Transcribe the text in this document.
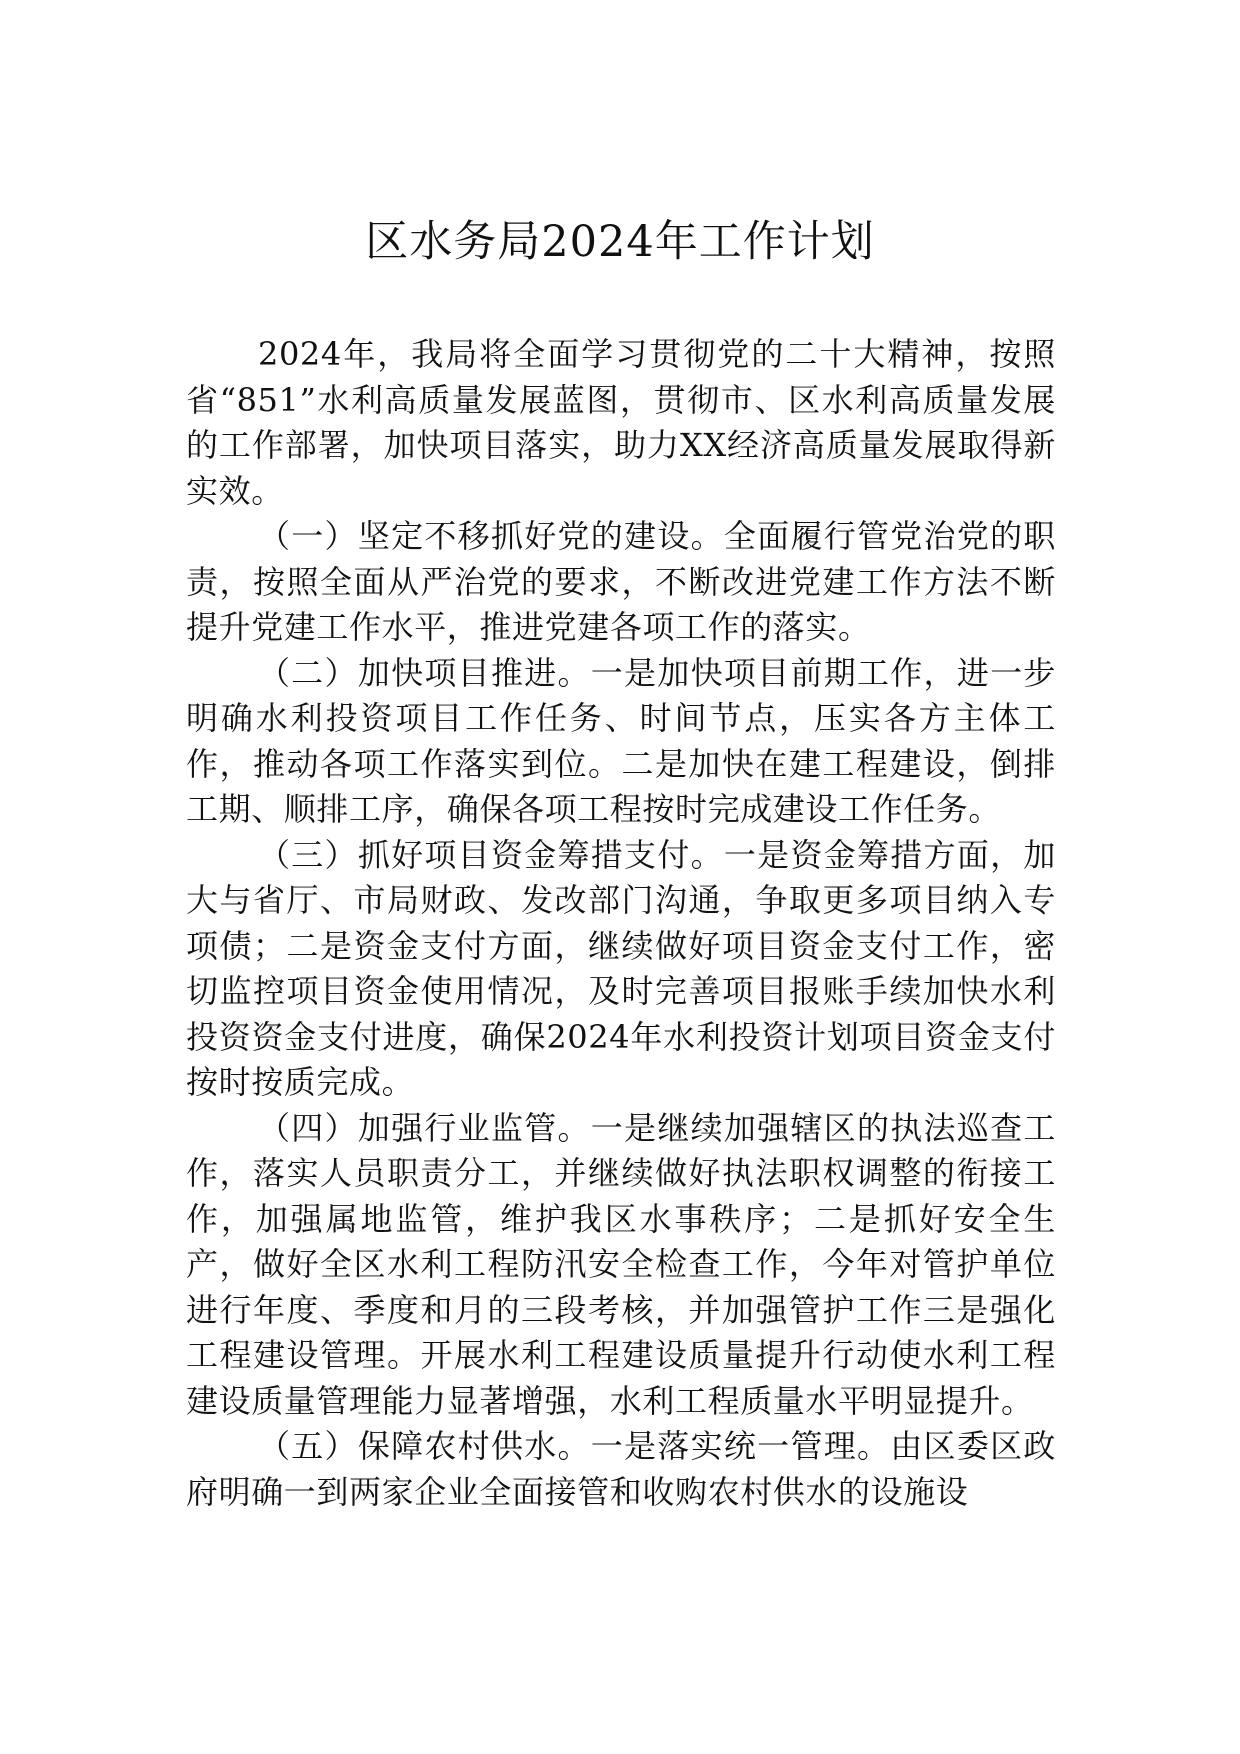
区水务局2024年工作计划

2024年，我局将全面学习贯彻党的二十大精神，按照省“851”水利高质量发展蓝图，贯彻市、区水利高质量发展的工作部署，加快项目落实，助力XX经济高质量发展取得新实效。

（一）坚定不移抓好党的建设。全面履行管党治党的职责，按照全面从严治党的要求，不断改进党建工作方法不断提升党建工作水平，推进党建各项工作的落实。

（二）加快项目推进。一是加快项目前期工作，进一步明确水利投资项目工作任务、时间节点，压实各方主体工作，推动各项工作落实到位。二是加快在建工程建设，倒排工期、顺排工序，确保各项工程按时完成建设工作任务。

（三）抓好项目资金筹措支付。一是资金筹措方面，加大与省厅、市局财政、发改部门沟通，争取更多项目纳入专项债；二是资金支付方面，继续做好项目资金支付工作，密切监控项目资金使用情况，及时完善项目报账手续加快水利投资资金支付进度，确保2024年水利投资计划项目资金支付按时按质完成。

（四）加强行业监管。一是继续加强辖区的执法巡查工作，落实人员职责分工，并继续做好执法职权调整的衔接工作，加强属地监管，维护我区水事秩序；二是抓好安全生产，做好全区水利工程防汛安全检查工作，今年对管护单位进行年度、季度和月的三段考核，并加强管护工作三是强化工程建设管理。开展水利工程建设质量提升行动使水利工程建设质量管理能力显著增强，水利工程质量水平明显提升。

（五）保障农村供水。一是落实统一管理。由区委区政府明确一到两家企业全面接管和收购农村供水的设施设
